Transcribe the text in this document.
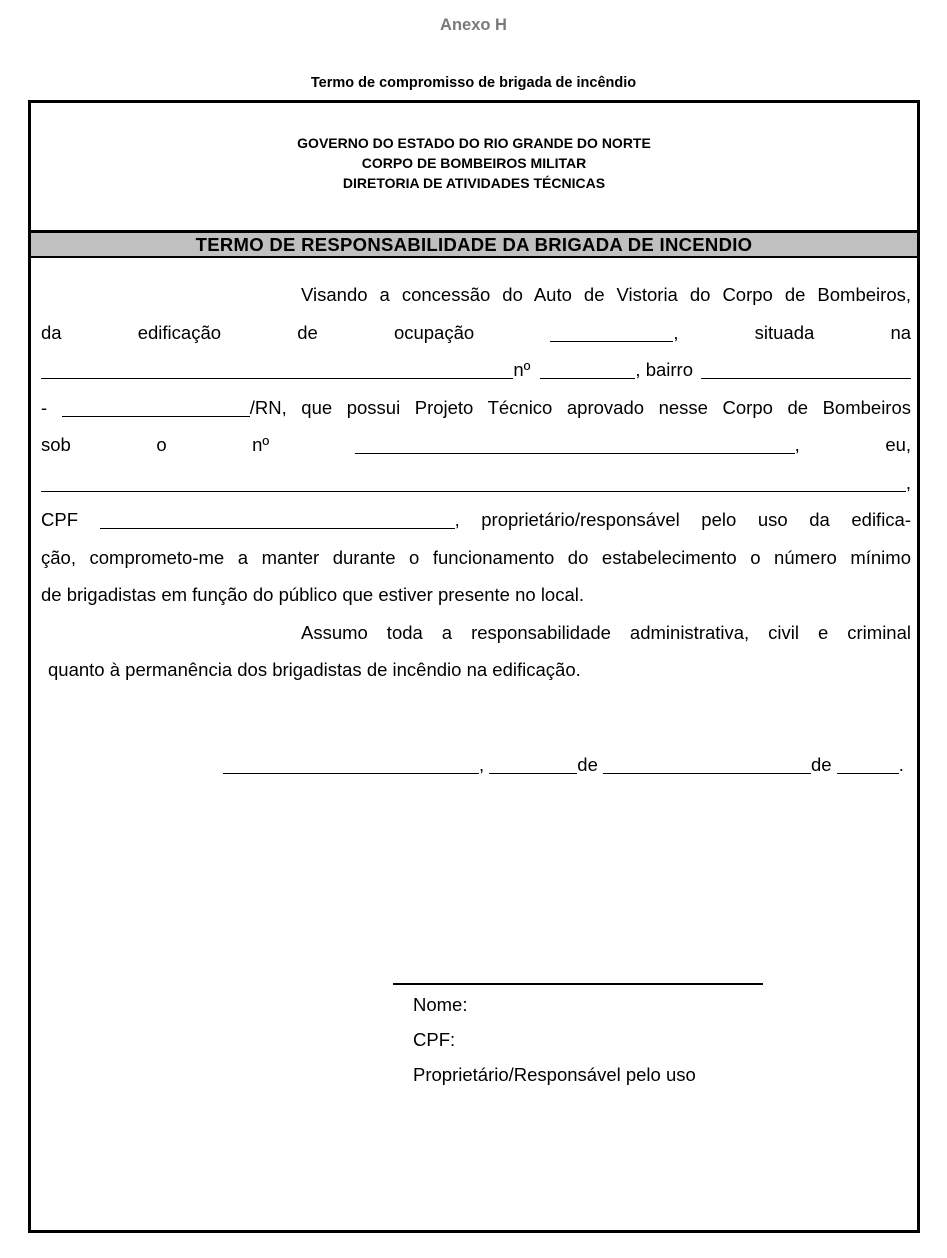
Anexo H
Termo de compromisso de brigada de incêndio
GOVERNO DO ESTADO DO RIO GRANDE DO NORTE
CORPO DE BOMBEIROS MILITAR
DIRETORIA DE ATIVIDADES TÉCNICAS
TERMO DE RESPONSABILIDADE DA BRIGADA DE INCENDIO
Visando a concessão do Auto de Vistoria do Corpo de Bombeiros,
da	edificação	de	ocupação	,	situada	na
nº	, bairro
-	/RN, que possui Projeto Técnico aprovado nesse Corpo de Bombeiros
sob	o	nº	,	eu,
,
CPF	, proprietário/responsável pelo uso da edifica-
ção, comprometo-me a manter durante o funcionamento do estabelecimento o número mínimo
de brigadistas em função do público que estiver presente no local.
Assumo toda a responsabilidade administrativa, civil e criminal
quanto à permanência dos brigadistas de incêndio na edificação.
,	de	de	.
Nome:
CPF:
Proprietário/Responsável pelo uso
